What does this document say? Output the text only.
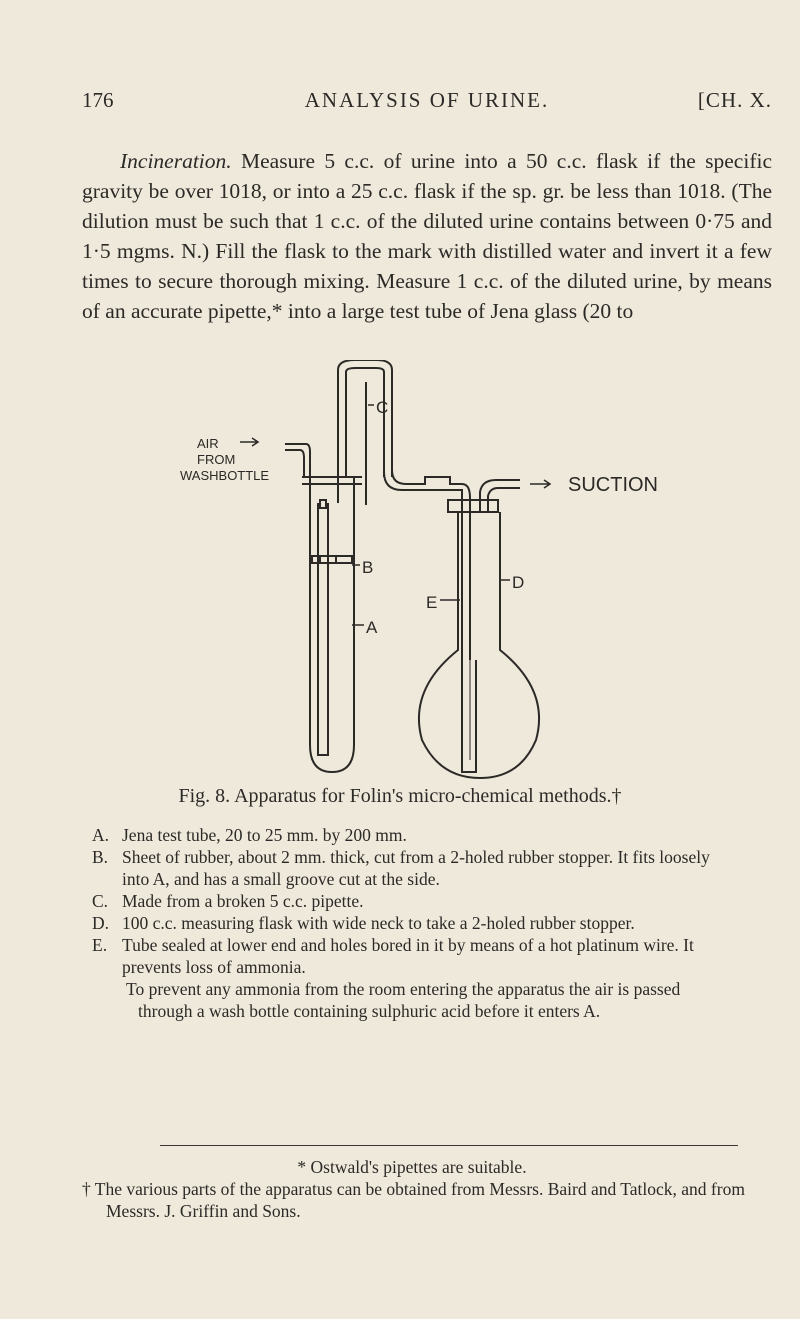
176	ANALYSIS OF URINE.	[CH. X.

Incineration. Measure 5 c.c. of urine into a 50 c.c. flask if the specific gravity be over 1018, or into a 25 c.c. flask if the sp. gr. be less than 1018. (The dilution must be such that 1 c.c. of the diluted urine contains between 0·75 and 1·5 mgms. N.) Fill the flask to the mark with distilled water and invert it a few times to secure thorough mixing. Measure 1 c.c. of the diluted urine, by means of an accurate pipette,* into a large test tube of Jena glass (20 to

AIR
FROM
WASHBOTTLE	SUCTION
C
B
A
E
D
Fig. 8. Apparatus for Folin's micro-chemical methods.†
A. Jena test tube, 20 to 25 mm. by 200 mm.
B. Sheet of rubber, about 2 mm. thick, cut from a 2-holed rubber stopper. It fits loosely into A, and has a small groove cut at the side.
C. Made from a broken 5 c.c. pipette.
D. 100 c.c. measuring flask with wide neck to take a 2-holed rubber stopper.
E. Tube sealed at lower end and holes bored in it by means of a hot platinum wire. It prevents loss of ammonia.
To prevent any ammonia from the room entering the apparatus the air is passed through a wash bottle containing sulphuric acid before it enters A.
* Ostwald's pipettes are suitable.
† The various parts of the apparatus can be obtained from Messrs. Baird and Tatlock, and from Messrs. J. Griffin and Sons.
